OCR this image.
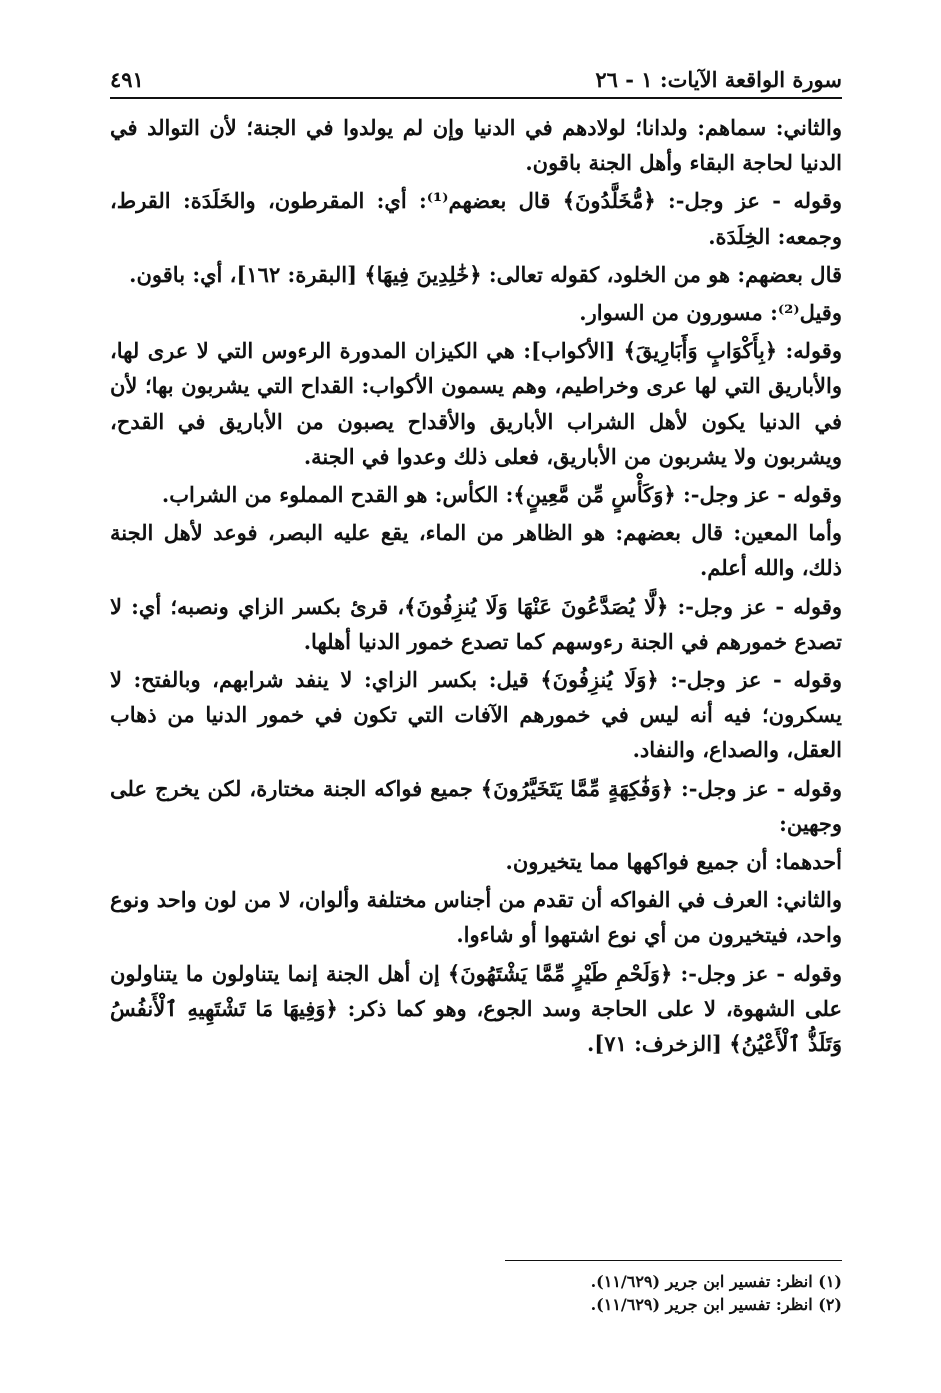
سورة الواقعة الآيات: ١ - ٢٦
٤٩١

والثاني: سماهم: ولدانا؛ لولادهم في الدنيا وإن لم يولدوا في الجنة؛ لأن التوالد في الدنيا لحاجة البقاء وأهل الجنة باقون.

وقوله - عز وجل-: ﴿مُّخَلَّدُونَ﴾ قال بعضهم⁽¹⁾: أي: المقرطون، والخَلَدَة: القرط، وجمعه: الخِلَدَة.

قال بعضهم: هو من الخلود، كقوله تعالى: ﴿خَٰلِدِينَ فِيهَا﴾ [البقرة: ١٦٢]، أي: باقون.

وقيل⁽²⁾: مسورون من السوار.

وقوله: ﴿بِأَكْوَابٍ وَأَبَارِيقَ﴾ [الأكواب]: هي الكيزان المدورة الرءوس التي لا عرى لها، والأباريق التي لها عرى وخراطيم، وهم يسمون الأكواب: القداح التي يشربون بها؛ لأن في الدنيا يكون لأهل الشراب الأباريق والأقداح يصبون من الأباريق في القدح، ويشربون ولا يشربون من الأباريق، فعلى ذلك وعدوا في الجنة.

وقوله - عز وجل-: ﴿وَكَأْسٍ مِّن مَّعِينٍ﴾: الكأس: هو القدح المملوء من الشراب.

وأما المعين: قال بعضهم: هو الظاهر من الماء، يقع عليه البصر، فوعد لأهل الجنة ذلك، والله أعلم.

وقوله - عز وجل-: ﴿لَّا يُصَدَّعُونَ عَنْهَا وَلَا يُنزِفُونَ﴾، قرئ بكسر الزاي ونصبه؛ أي: لا تصدع خمورهم في الجنة رءوسهم كما تصدع خمور الدنيا أهلها.

وقوله - عز وجل-: ﴿وَلَا يُنزِفُونَ﴾ قيل: بكسر الزاي: لا ينفد شرابهم، وبالفتح: لا يسكرون؛ فيه أنه ليس في خمورهم الآفات التي تكون في خمور الدنيا من ذهاب العقل، والصداع، والنفاد.

وقوله - عز وجل-: ﴿وَفَٰكِهَةٍ مِّمَّا يَتَخَيَّرُونَ﴾ جميع فواكه الجنة مختارة، لكن يخرج على وجهين:

أحدهما: أن جميع فواكهها مما يتخيرون.

والثاني: العرف في الفواكه أن تقدم من أجناس مختلفة وألوان، لا من لون واحد ونوع واحد، فيتخيرون من أي نوع اشتهوا أو شاءوا.

وقوله - عز وجل-: ﴿وَلَحْمِ طَيْرٍ مِّمَّا يَشْتَهُونَ﴾ إن أهل الجنة إنما يتناولون ما يتناولون على الشهوة، لا على الحاجة وسد الجوع، وهو كما ذكر: ﴿وَفِيهَا مَا تَشْتَهِيهِ ٱلْأَنفُسُ وَتَلَذُّ ٱلْأَعْيُنُ﴾ [الزخرف: ٧١].

(١) انظر: تفسير ابن جرير (١١/٦٢٩).
(٢) انظر: تفسير ابن جرير (١١/٦٢٩).
